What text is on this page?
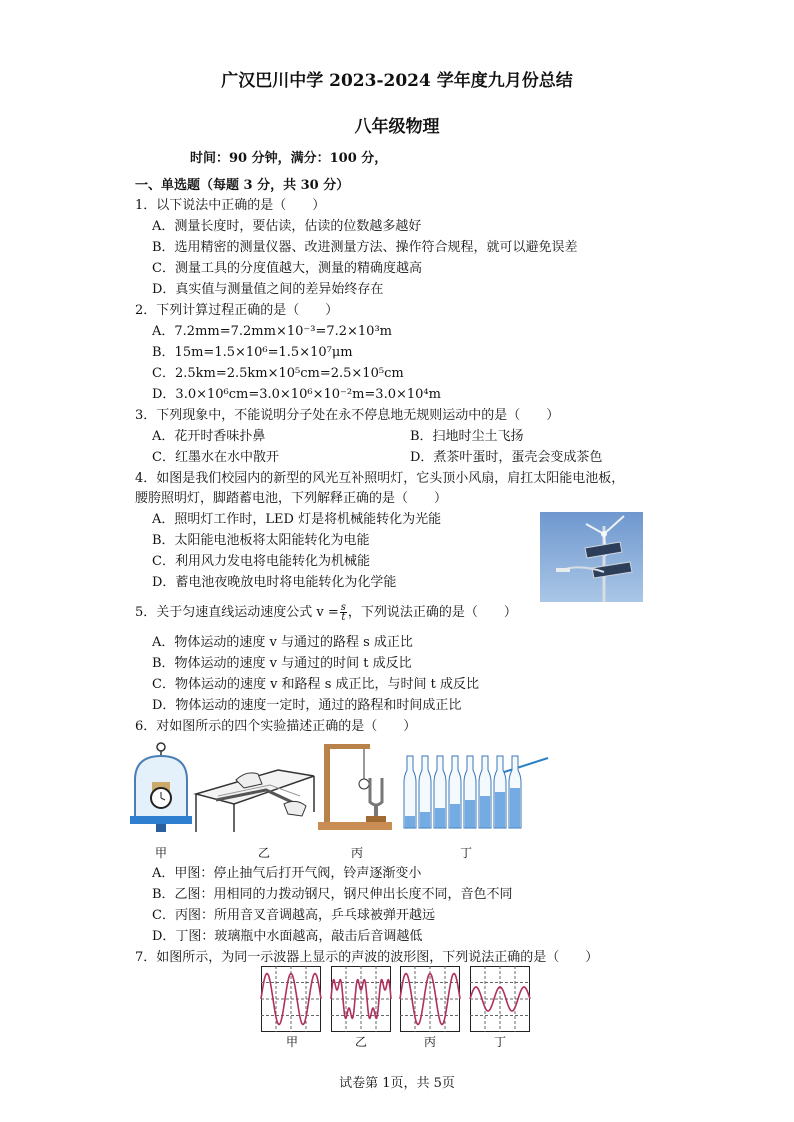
广汉巴川中学 2023-2024 学年度九月份总结
八年级物理
时间：90 分钟，满分：100 分，
一、单选题（每题 3 分，共 30 分）
1．以下说法中正确的是（　　）
A．测量长度时，要估读，估读的位数越多越好
B．选用精密的测量仪器、改进测量方法、操作符合规程，就可以避免误差
C．测量工具的分度值越大，测量的精确度越高
D．真实值与测量值之间的差异始终存在
2．下列计算过程正确的是（　　）
A．7.2mm=7.2mm×10⁻³=7.2×10³m
B．15m=1.5×10⁶=1.5×10⁷μm
C．2.5km=2.5km×10⁵cm=2.5×10⁵cm
D．3.0×10⁶cm=3.0×10⁶×10⁻²m=3.0×10⁴m
3．下列现象中，不能说明分子处在永不停息地无规则运动中的是（　　）
A．花开时香味扑鼻	B．扫地时尘土飞扬
C．红墨水在水中散开	D．煮茶叶蛋时，蛋壳会变成茶色
4．如图是我们校园内的新型的风光互补照明灯，它头顶小风扇，肩扛太阳能电池板，
腰胯照明灯，脚踏蓄电池，下列解释正确的是（　　）
A．照明灯工作时，LED 灯是将机械能转化为光能
B．太阳能电池板将太阳能转化为电能
C．利用风力发电将电能转化为机械能
D．蓄电池夜晚放电时将电能转化为化学能
5．关于匀速直线运动速度公式 $v = \frac{s}{t}$ ，下列说法正确的是（　　）
A．物体运动的速度 v 与通过的路程 s 成正比
B．物体运动的速度 v 与通过的时间 t 成反比
C．物体运动的速度 v 和路程 s 成正比，与时间 t 成反比
D．物体运动的速度一定时，通过的路程和时间成正比
6．对如图所示的四个实验描述正确的是（　　）
甲	乙	丙	丁
A．甲图：停止抽气后打开气阀，铃声逐渐变小
B．乙图：用相同的力拨动钢尺，钢尺伸出长度不同，音色不同
C．丙图：所用音叉音调越高，乒乓球被弹开越远
D．丁图：玻璃瓶中水面越高，敲击后音调越低
7．如图所示，为同一示波器上显示的声波的波形图，下列说法正确的是（　　）
甲	乙	丙	丁
试卷第 1页，共 5页
